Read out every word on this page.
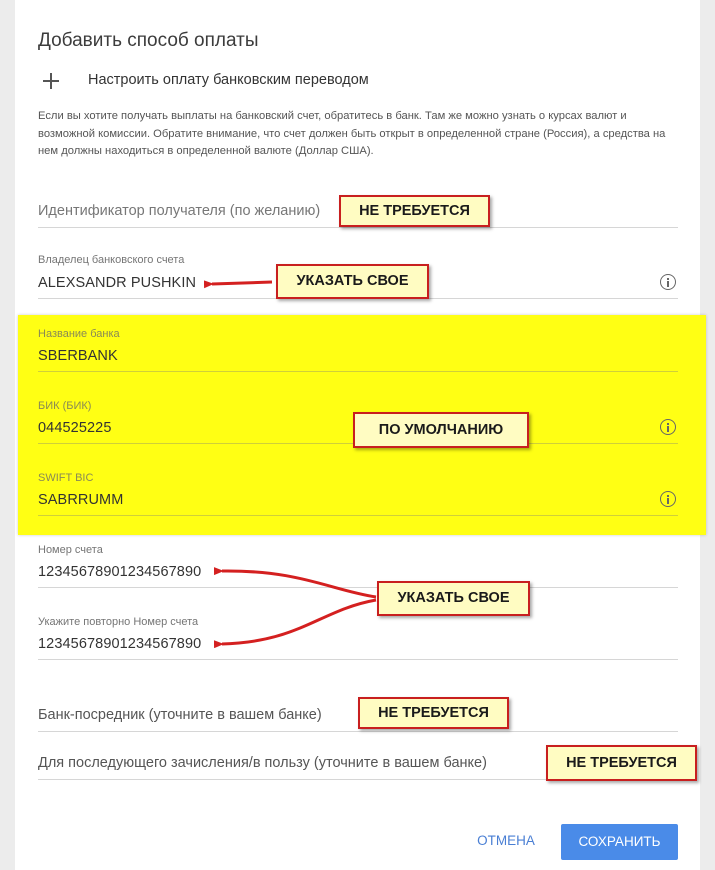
Добавить способ оплаты
Настроить оплату банковским переводом
Если вы хотите получать выплаты на банковский счет, обратитесь в банк. Там же можно узнать о курсах валют и возможной комиссии. Обратите внимание, что счет должен быть открыт в определенной стране (Россия), а средства на нем должны находиться в определенной валюте (Доллар США).
Идентификатор получателя (по желанию)
Владелец банковского счета
ALEXSANDR PUSHKIN
Название банка
SBERBANK
БИК (БИК)
044525225
SWIFT BIC
SABRRUMM
Номер счета
12345678901234567890
Укажите повторно Номер счета
12345678901234567890
Банк-посредник (уточните в вашем банке)
Для последующего зачисления/в пользу (уточните в вашем банке)
ОТМЕНА	СОХРАНИТЬ
НЕ ТРЕБУЕТСЯ
УКАЗАТЬ СВОЕ
ПО УМОЛЧАНИЮ
УКАЗАТЬ СВОЕ
НЕ ТРЕБУЕТСЯ
НЕ ТРЕБУЕТСЯ
